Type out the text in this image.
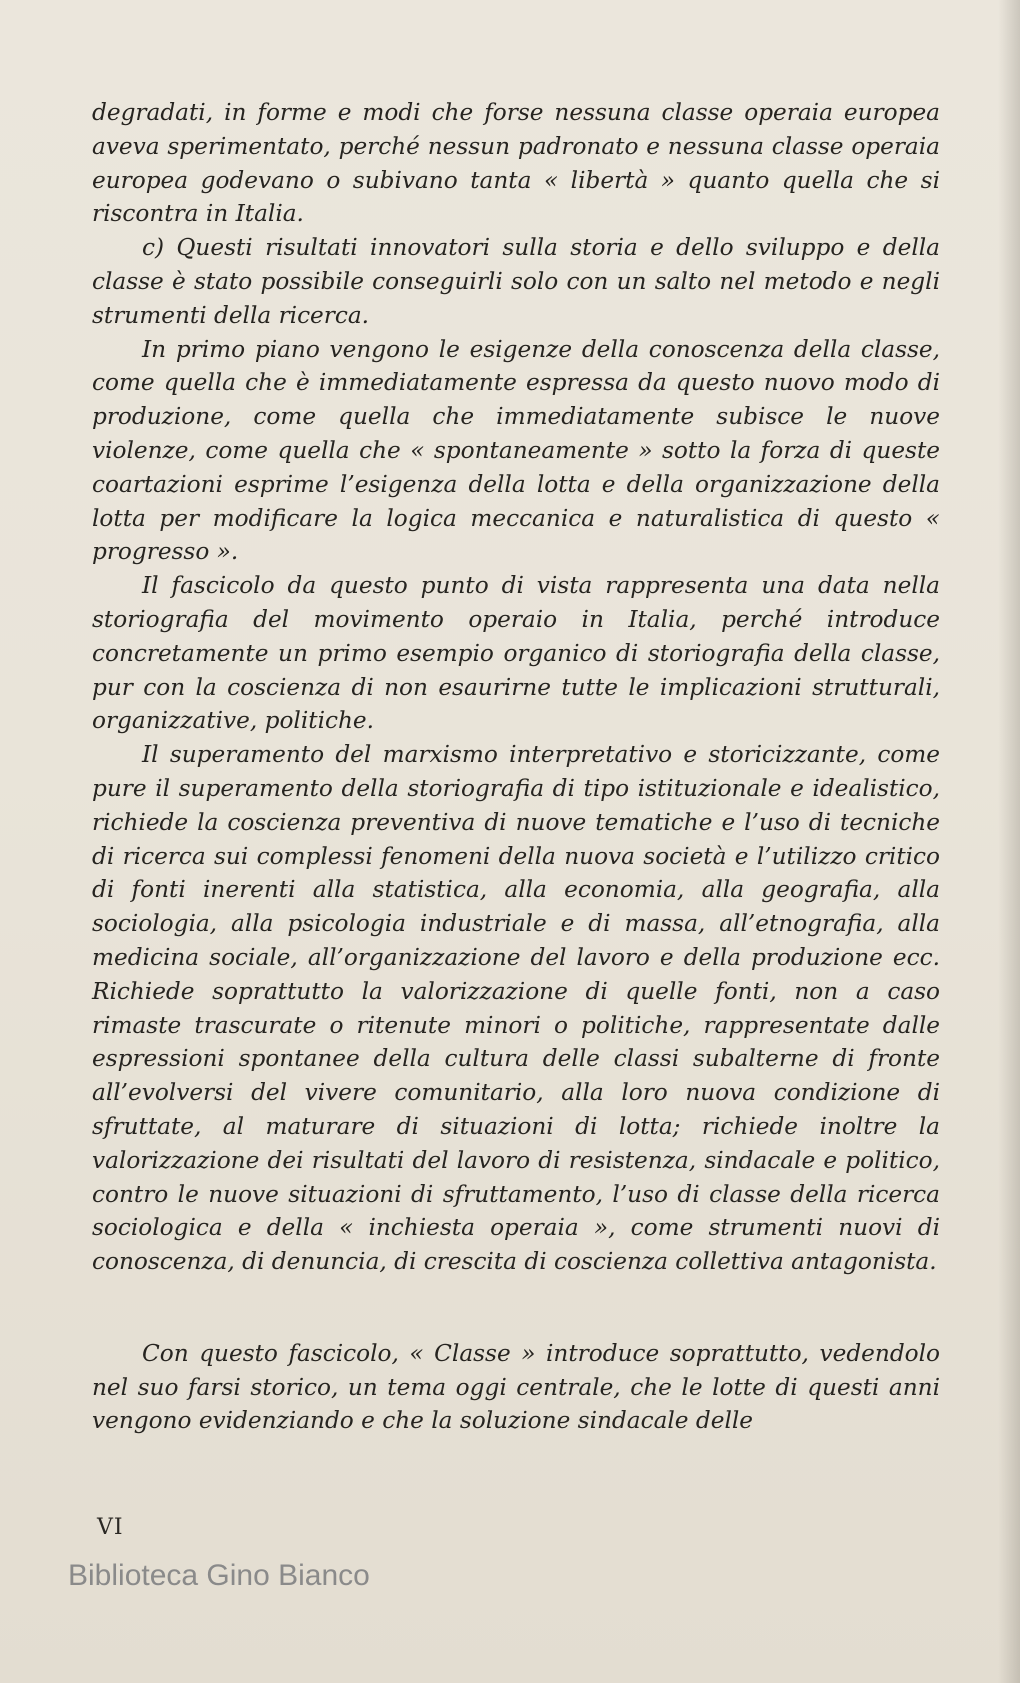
degradati, in forme e modi che forse nessuna classe operaia europea aveva sperimentato, perché nessun padronato e nessuna classe operaia europea godevano o subivano tanta « libertà » quanto quella che si riscontra in Italia.

c) Questi risultati innovatori sulla storia e dello sviluppo e della classe è stato possibile conseguirli solo con un salto nel metodo e negli strumenti della ricerca.

In primo piano vengono le esigenze della conoscenza della classe, come quella che è immediatamente espressa da questo nuovo modo di produzione, come quella che immediatamente subisce le nuove violenze, come quella che « spontaneamente » sotto la forza di queste coartazioni esprime l’esigenza della lotta e della organizzazione della lotta per modificare la logica meccanica e naturalistica di questo « progresso ».

Il fascicolo da questo punto di vista rappresenta una data nella storiografia del movimento operaio in Italia, perché introduce concretamente un primo esempio organico di storiografia della classe, pur con la coscienza di non esaurirne tutte le implicazioni strutturali, organizzative, politiche.

Il superamento del marxismo interpretativo e storicizzante, come pure il superamento della storiografia di tipo istituzionale e idealistico, richiede la coscienza preventiva di nuove tematiche e l’uso di tecniche di ricerca sui complessi fenomeni della nuova società e l’utilizzo critico di fonti inerenti alla statistica, alla economia, alla geografia, alla sociologia, alla psicologia industriale e di massa, all’etnografia, alla medicina sociale, all’organizzazione del lavoro e della produzione ecc. Richiede soprattutto la valorizzazione di quelle fonti, non a caso rimaste trascurate o ritenute minori o politiche, rappresentate dalle espressioni spontanee della cultura delle classi subalterne di fronte all’evolversi del vivere comunitario, alla loro nuova condizione di sfruttate, al maturare di situazioni di lotta; richiede inoltre la valorizzazione dei risultati del lavoro di resistenza, sindacale e politico, contro le nuove situazioni di sfruttamento, l’uso di classe della ricerca sociologica e della « inchiesta operaia », come strumenti nuovi di conoscenza, di denuncia, di crescita di coscienza collettiva antagonista.

Con questo fascicolo, « Classe » introduce soprattutto, vedendolo nel suo farsi storico, un tema oggi centrale, che le lotte di questi anni vengono evidenziando e che la soluzione sindacale delle

VI
Biblioteca Gino Bianco
